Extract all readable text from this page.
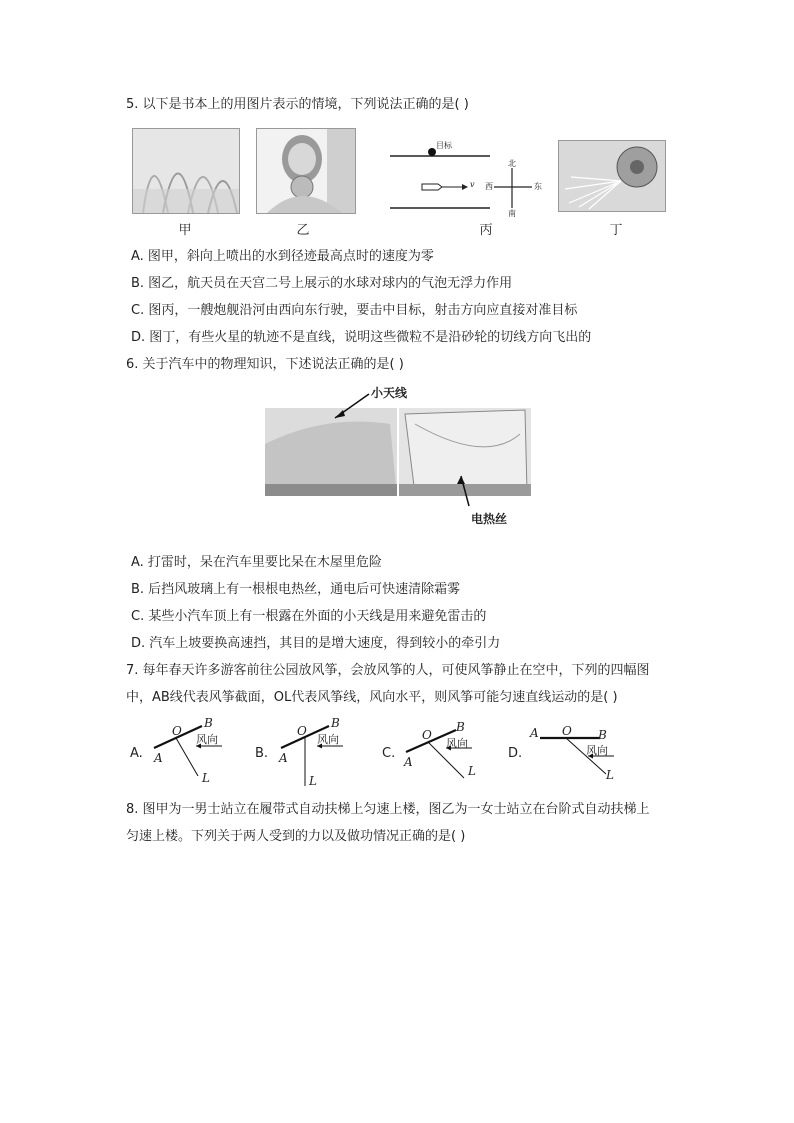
5. 以下是书本上的用图片表示的情境，下列说法正确的是( )
甲	乙
目标
v
北
南
西	东
丙	丁
A. 图甲，斜向上喷出的水到径迹最高点时的速度为零
B. 图乙，航天员在天宫二号上展示的水球对球内的气泡无浮力作用
C. 图丙，一艘炮舰沿河由西向东行驶，要击中目标，射击方向应直接对准目标
D. 图丁，有些火星的轨迹不是直线，说明这些微粒不是沿砂轮的切线方向飞出的
6. 关于汽车中的物理知识，下述说法正确的是( )
小天线
电热丝
A. 打雷时，呆在汽车里要比呆在木屋里危险
B. 后挡风玻璃上有一根根电热丝，通电后可快速清除霜雾
C. 某些小汽车顶上有一根露在外面的小天线是用来避免雷击的
D. 汽车上坡要换高速挡，其目的是增大速度，得到较小的牵引力
7. 每年春天许多游客前往公园放风筝，会放风筝的人，可使风筝静止在空中，下列的四幅图
中，AB线代表风筝截面，OL代表风筝线，风向水平，则风筝可能匀速直线运动的是( )
A.
O
B
A
L
风向
B.
O
B
A
L
风向
C.
O
B
A
L
风向
D.
A O B
L
风向
8. 图甲为一男士站立在履带式自动扶梯上匀速上楼，图乙为一女士站立在台阶式自动扶梯上
匀速上楼。下列关于两人受到的力以及做功情况正确的是( )
